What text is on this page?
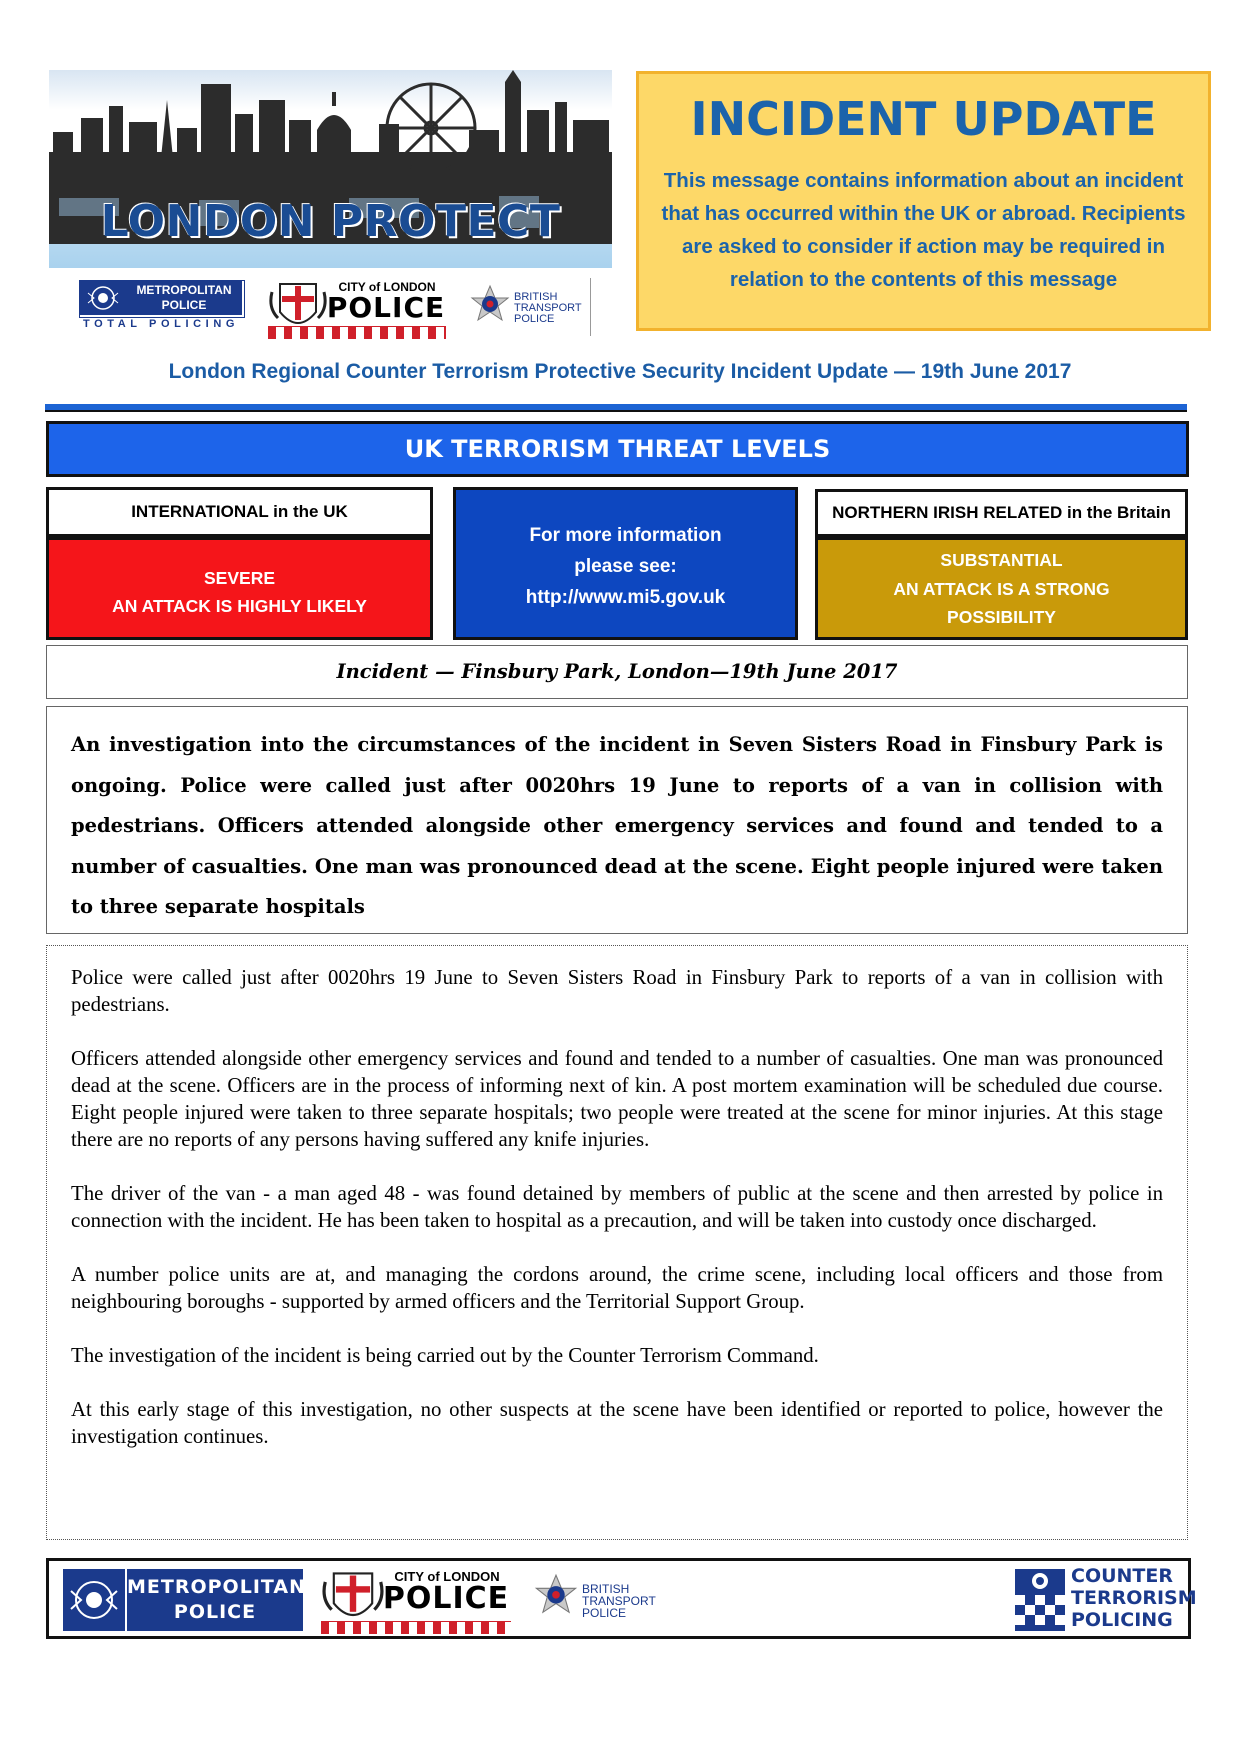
LONDON PROTECT
METROPOLITAN
POLICE
TOTAL POLICING
CITY of LONDON
POLICE	BRITISH
TRANSPORT
POLICE
INCIDENT UPDATE
This message contains information about an incident that has occurred within the UK or abroad. Recipients are asked to consider if action may be required in relation to the contents of this message
London Regional Counter Terrorism Protective Security Incident Update — 19th June 2017
UK TERRORISM THREAT LEVELS
INTERNATIONAL in the UK
SEVERE
AN ATTACK IS HIGHLY LIKELY
For more information
please see:
http://www.mi5.gov.uk
NORTHERN IRISH RELATED in the Britain
SUBSTANTIAL
AN ATTACK IS A STRONG
POSSIBILITY
Incident — Finsbury Park, London—19th June 2017
An investigation into the circumstances of the incident in Seven Sisters Road in Finsbury Park is ongoing. Police were called just after 0020hrs 19 June to reports of a van in collision with pedestrians. Officers attended alongside other emergency services and found and tended to a number of casualties. One man was pronounced dead at the scene. Eight people injured were taken to three separate hospitals

Police were called just after 0020hrs 19 June to Seven Sisters Road in Finsbury Park to reports of a van in collision with pedestrians.

Officers attended alongside other emergency services and found and tended to a number of casualties. One man was pronounced dead at the scene. Officers are in the process of informing next of kin. A post mortem examination will be scheduled due course. Eight people injured were taken to three separate hospitals; two people were treated at the scene for minor injuries. At this stage there are no reports of any persons having suffered any knife injuries.

The driver of the van - a man aged 48 - was found detained by members of public at the scene and then arrested by police in connection with the incident. He has been taken to hospital as a precaution, and will be taken into custody once discharged.

A number police units are at, and managing the cordons around, the crime scene, including local officers and those from neighbouring boroughs - supported by armed officers and the Territorial Support Group.

The investigation of the incident is being carried out by the Counter Terrorism Command.

At this early stage of this investigation, no other suspects at the scene have been identified or reported to police, however the investigation continues.

METROPOLITAN
POLICE
CITY of LONDON
POLICE	BRITISH
TRANSPORT
POLICE
COUNTER
TERRORISM
POLICING
